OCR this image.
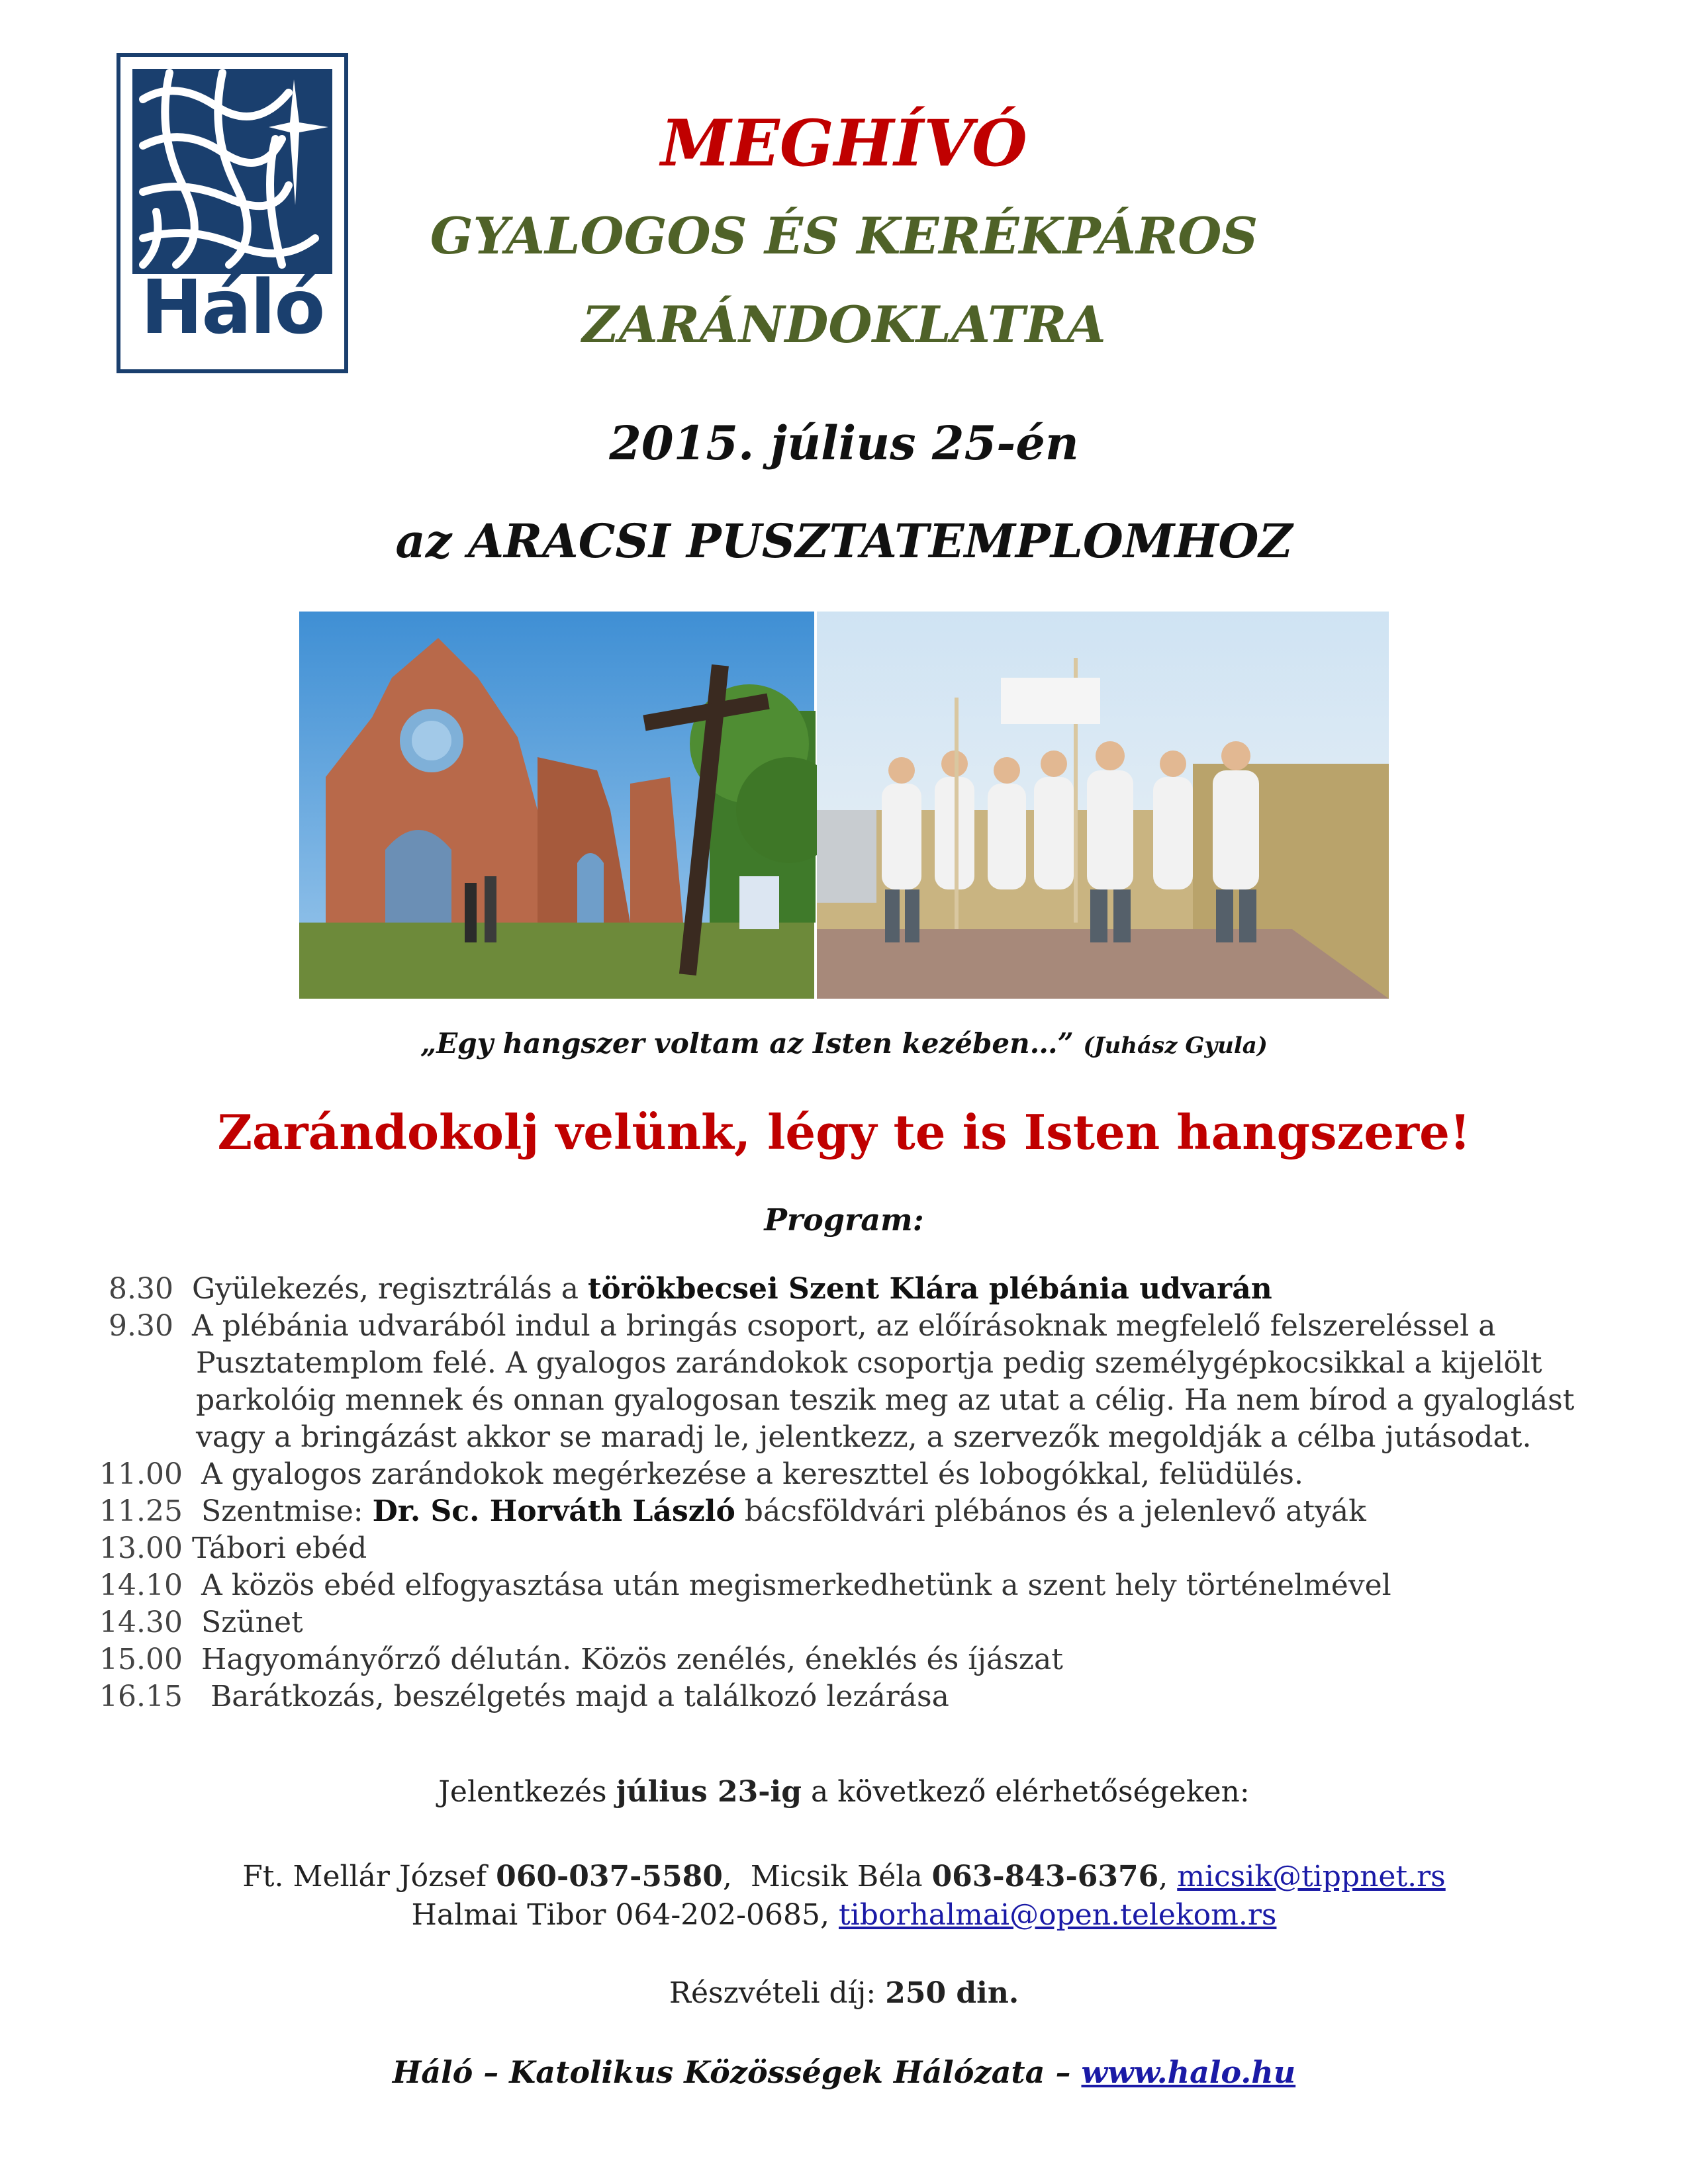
Háló
MEGHÍVÓ
GYALOGOS ÉS KERÉKPÁROS
ZARÁNDOKLATRA
2015. július 25-én
az ARACSI PUSZTATEMPLOMHOZ
„Egy hangszer voltam az Isten kezében…” (Juhász Gyula)
Zarándokolj velünk, légy te is Isten hangszere!
Program:
8.30 Gyülekezés, regisztrálás a törökbecsei Szent Klára plébánia udvarán
9.30 A plébánia udvarából indul a bringás csoport, az előírásoknak megfelelő felszereléssel a
Pusztatemplom felé. A gyalogos zarándokok csoportja pedig személygépkocsikkal a kijelölt
parkolóig mennek és onnan gyalogosan teszik meg az utat a célig. Ha nem bírod a gyaloglást
vagy a bringázást akkor se maradj le, jelentkezz, a szervezők megoldják a célba jutásodat.
11.00 A gyalogos zarándokok megérkezése a kereszttel és lobogókkal, felüdülés.
11.25 Szentmise: Dr. Sc. Horváth László bácsföldvári plébános és a jelenlevő atyák
13.00 Tábori ebéd
14.10 A közös ebéd elfogyasztása után megismerkedhetünk a szent hely történelmével
14.30 Szünet
15.00 Hagyományőrző délután. Közös zenélés, éneklés és íjászat
16.15 Barátkozás, beszélgetés majd a találkozó lezárása
Jelentkezés július 23-ig a következő elérhetőségeken:
Ft. Mellár József 060-037-5580,  Micsik Béla 063-843-6376, micsik@tippnet.rs
Halmai Tibor 064-202-0685, tiborhalmai@open.telekom.rs
Részvételi díj: 250 din.
Háló – Katolikus Közösségek Hálózata – www.halo.hu
